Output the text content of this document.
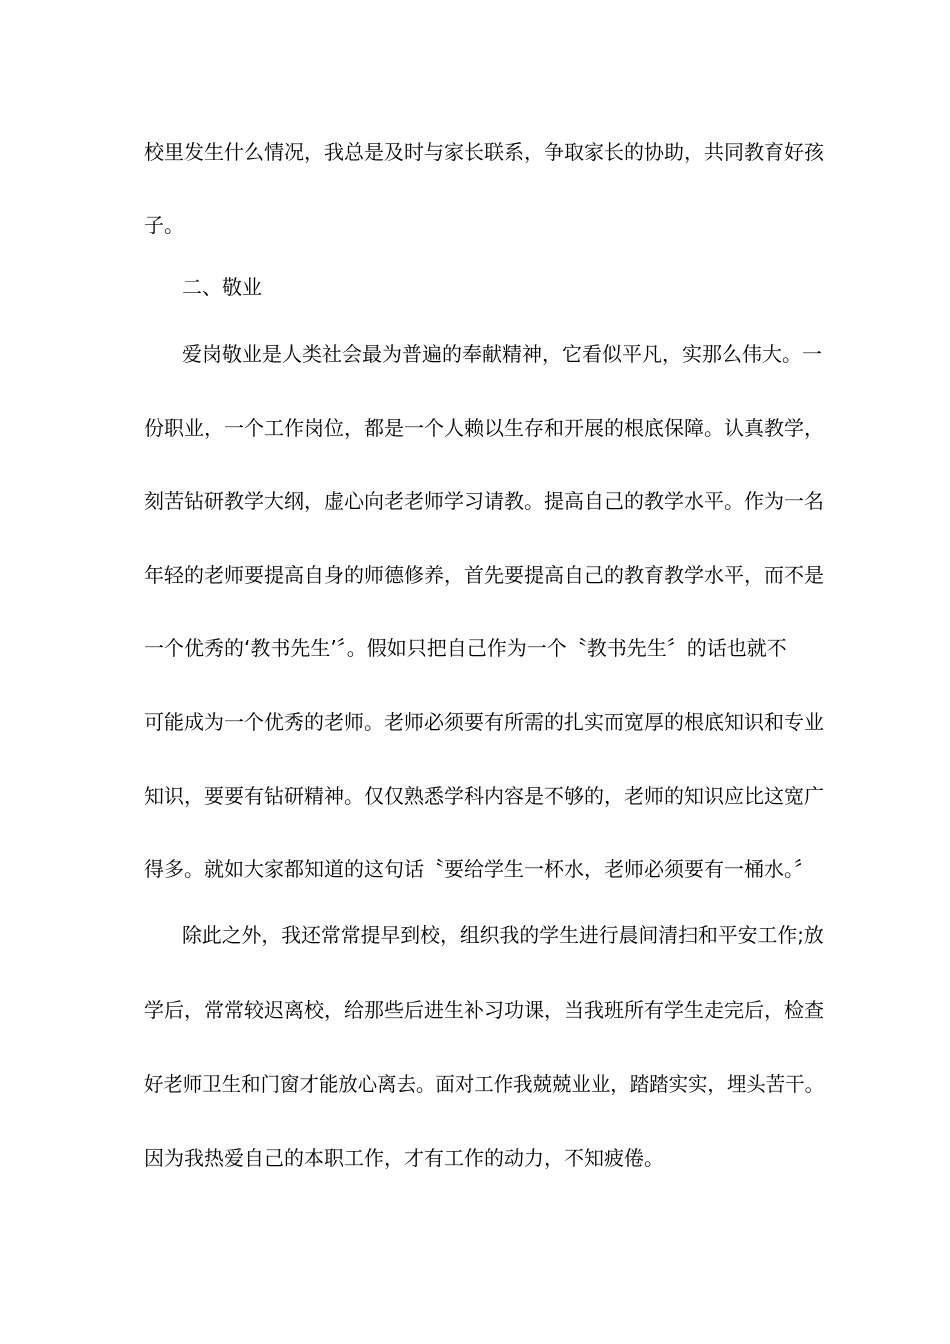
校里发生什么情况，我总是及时与家长联系，争取家长的协助，共同教育好孩
子。
二、敬业
爱岗敬业是人类社会最为普遍的奉献精神，它看似平凡，实那么伟大。一
份职业，一个工作岗位，都是一个人赖以生存和开展的根底保障。认真教学，
刻苦钻研教学大纲，虚心向老老师学习请教。提高自己的教学水平。作为一名
年轻的老师要提高自身的师德修养，首先要提高自己的教育教学水平，而不是
一个优秀的‘教书先生’〞。假如只把自己作为一个〝教书先生〞的话也就不
可能成为一个优秀的老师。老师必须要有所需的扎实而宽厚的根底知识和专业
知识，要要有钻研精神。仅仅熟悉学科内容是不够的，老师的知识应比这宽广
得多。就如大家都知道的这句话〝要给学生一杯水，老师必须要有一桶水。〞
除此之外，我还常常提早到校，组织我的学生进行晨间清扫和平安工作;放
学后，常常较迟离校，给那些后进生补习功课，当我班所有学生走完后，检查
好老师卫生和门窗才能放心离去。面对工作我兢兢业业，踏踏实实，埋头苦干。
因为我热爱自己的本职工作，才有工作的动力，不知疲倦。
